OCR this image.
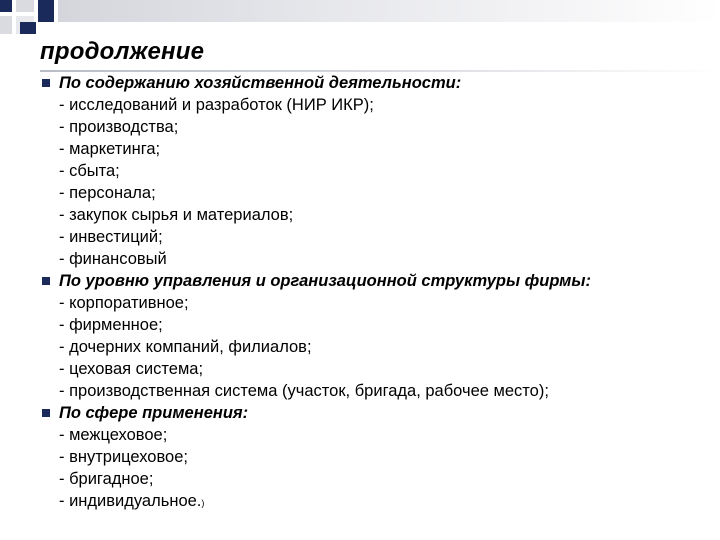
продолжение
По содержанию хозяйственной деятельности:
- исследований и разработок (НИР ИКР);
- производства;
- маркетинга;
- сбыта;
- персонала;
- закупок сырья и материалов;
- инвестиций;
- финансовый
По уровню управления и организационной структуры фирмы:
- корпоративное;
- фирменное;
- дочерних компаний, филиалов;
- цеховая система;
- производственная система (участок, бригада, рабочее место);
По сфере применения:
- межцеховое;
- внутрицеховое;
- бригадное;
- индивидуальное.)
